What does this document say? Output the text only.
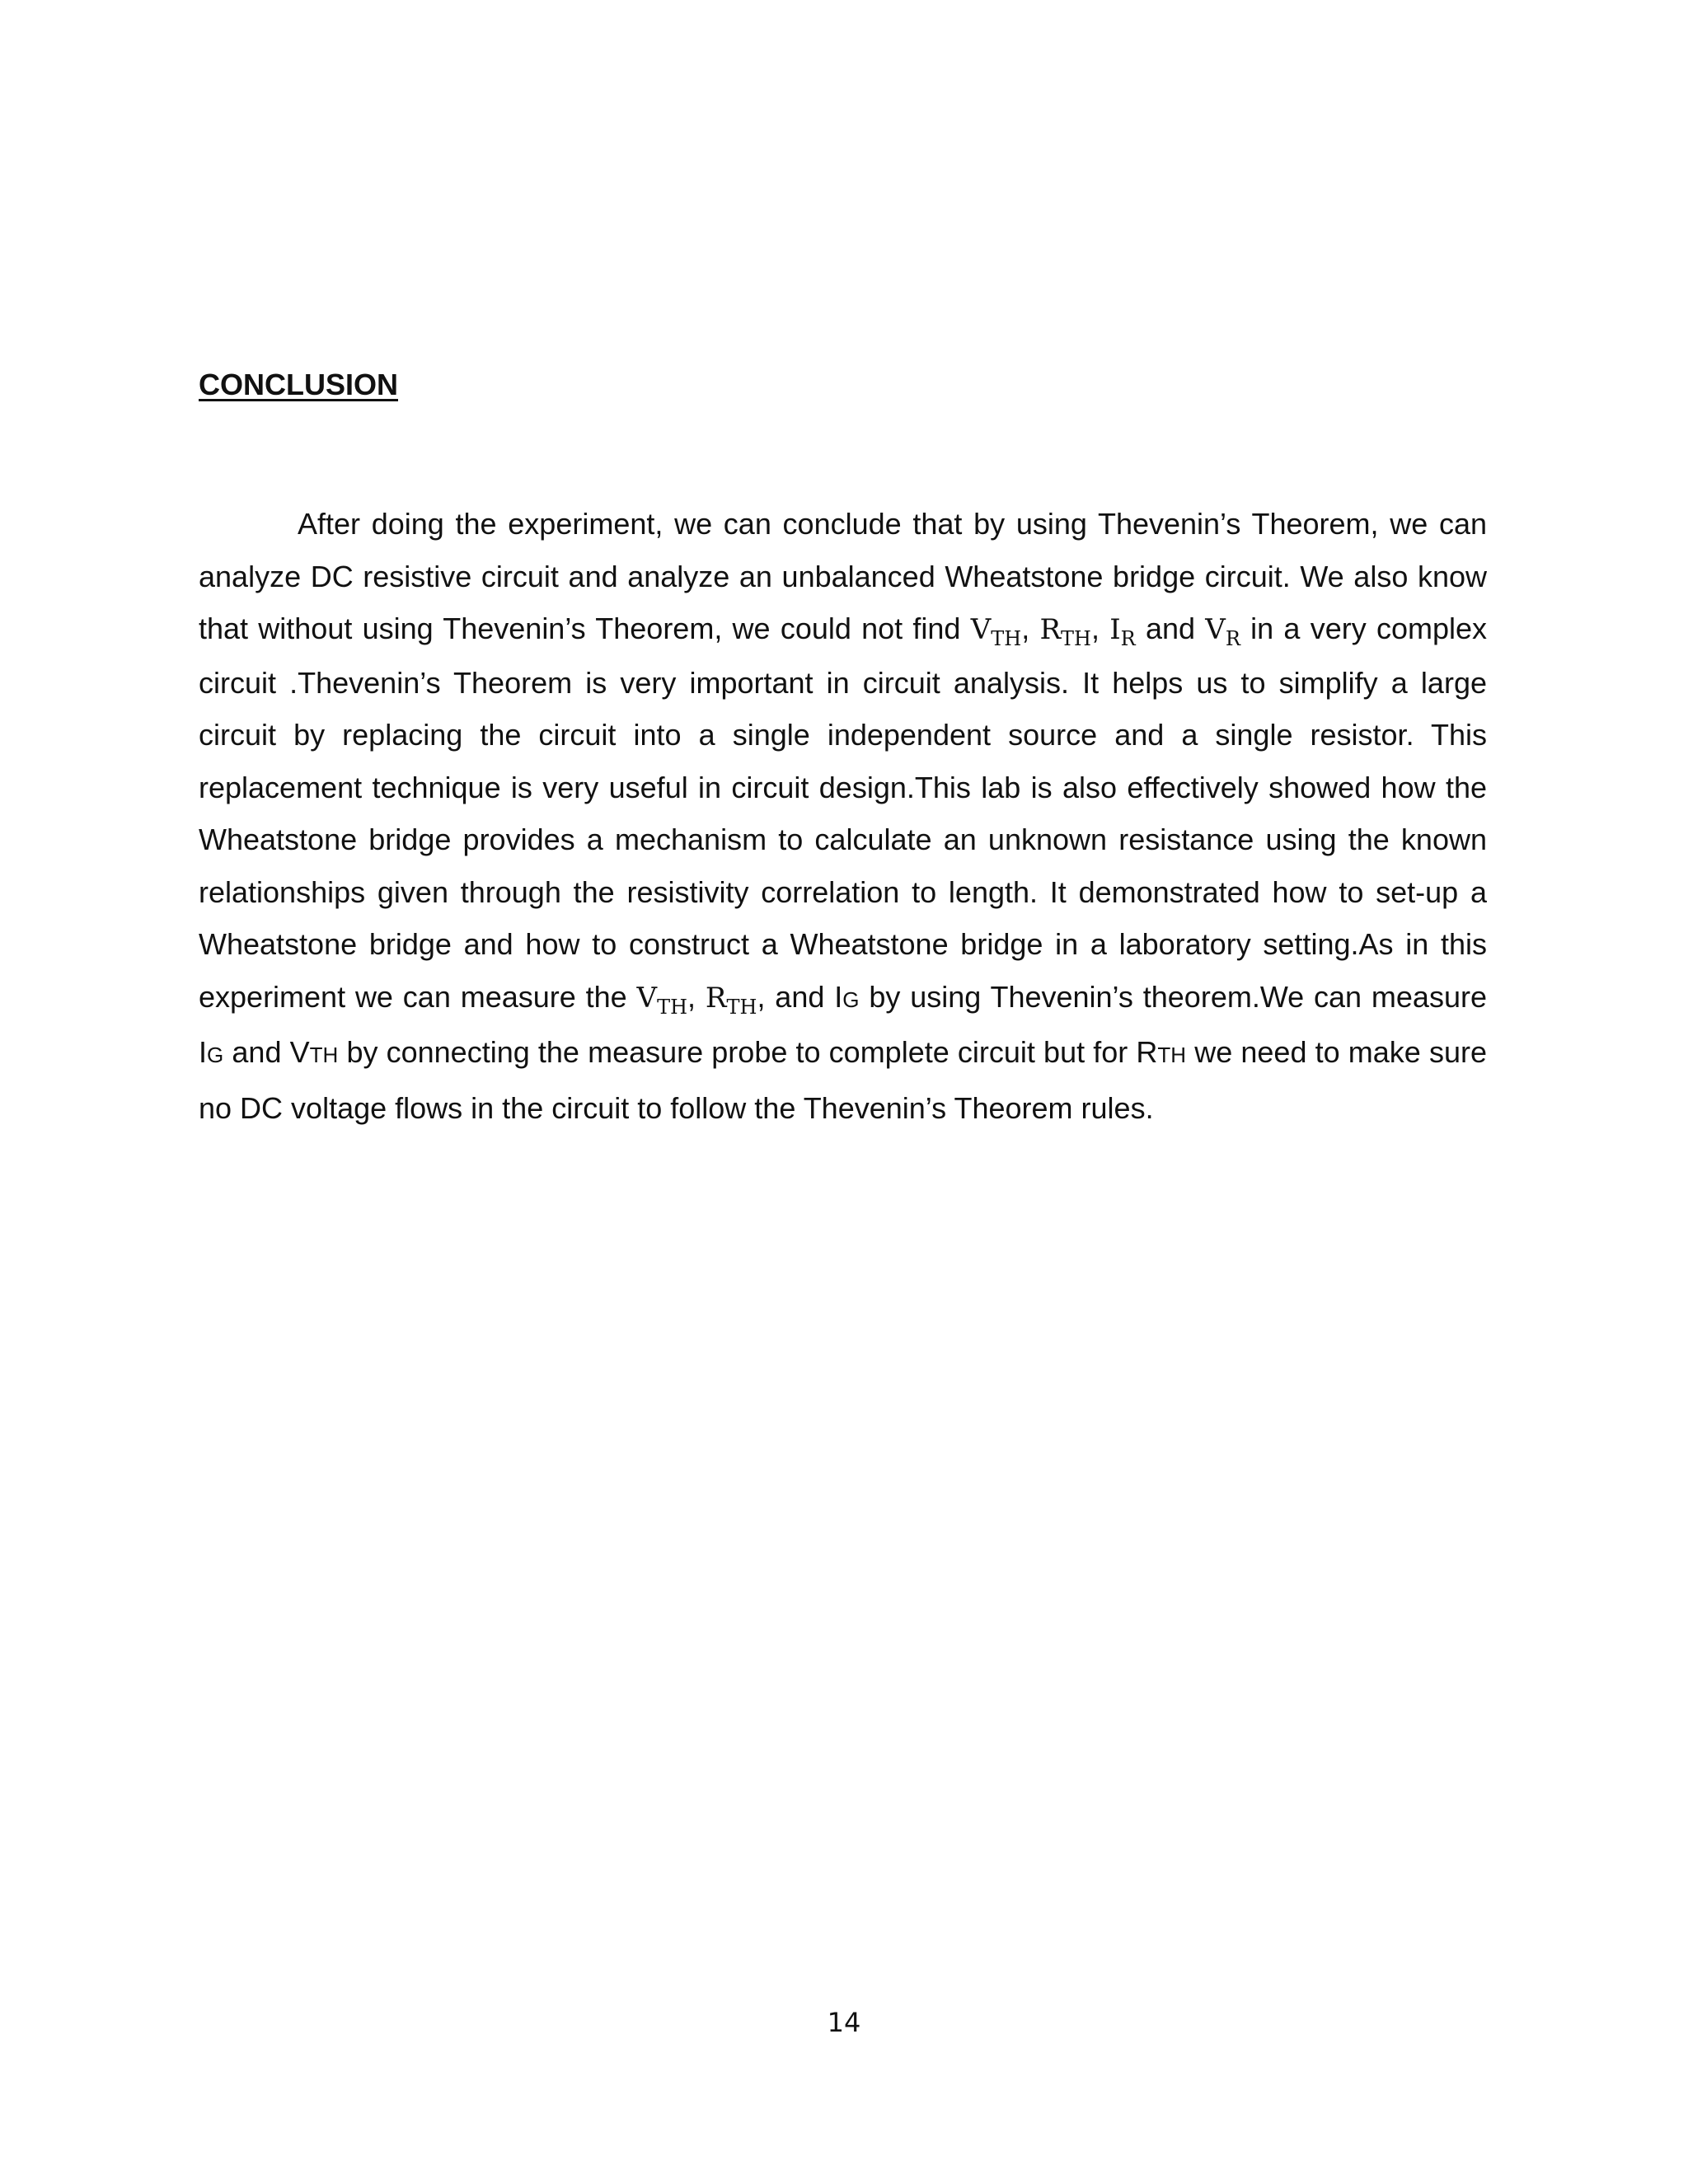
CONCLUSION

After doing the experiment, we can conclude that by using Thevenin’s Theorem, we can analyze DC resistive circuit and analyze an unbalanced Wheatstone bridge circuit. We also know that without using Thevenin’s Theorem, we could not find $V_{TH}$, $R_{TH}$, $I_R$ and $V_R$ in a very complex circuit .Thevenin’s Theorem is very important in circuit analysis. It helps us to simplify a large circuit by replacing the circuit into a single independent source and a single resistor. This replacement technique is very useful in circuit design.This lab is also effectively showed how the Wheatstone bridge provides a mechanism to calculate an unknown resistance using the known relationships given through the resistivity correlation to length. It demonstrated how to set-up a Wheatstone bridge and how to construct a Wheatstone bridge in a laboratory setting.As in this experiment we can measure the $V_{TH}$, $R_{TH}$, and IG by using Thevenin’s theorem.We can measure IG and VTH by connecting the measure probe to complete circuit but for RTH we need to make sure no DC voltage flows in the circuit to follow the Thevenin’s Theorem rules.

14
